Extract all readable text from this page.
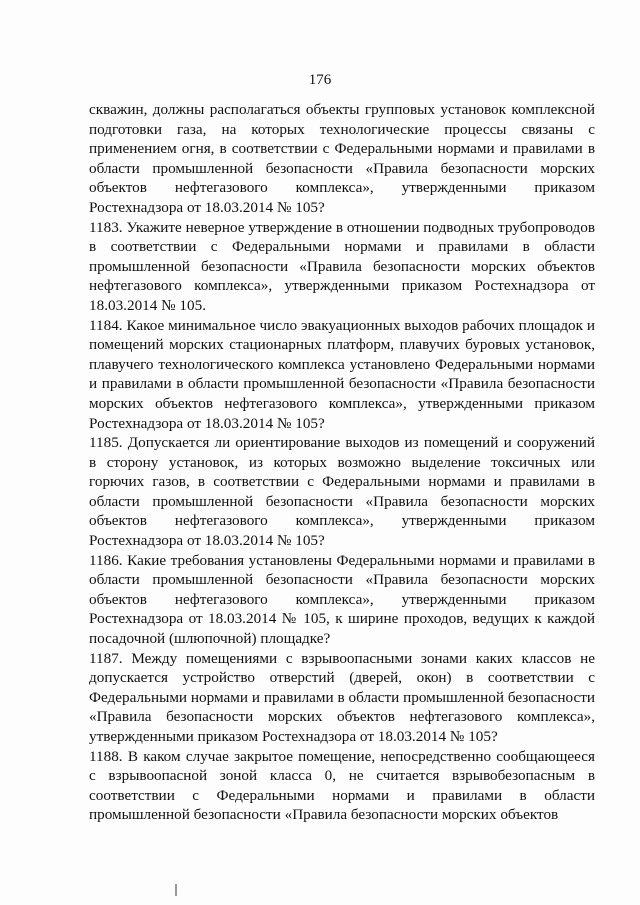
176

скважин, должны располагаться объекты групповых установок комплексной подготовки газа, на которых технологические процессы связаны с применением огня, в соответствии с Федеральными нормами и правилами в области промышленной безопасности «Правила безопасности морских объектов нефтегазового комплекса», утвержденными приказом Ростехнадзора от 18.03.2014 № 105?

1183. Укажите неверное утверждение в отношении подводных трубопроводов в соответствии с Федеральными нормами и правилами в области промышленной безопасности «Правила безопасности морских объектов нефтегазового комплекса», утвержденными приказом Ростехнадзора от 18.03.2014 № 105.

1184. Какое минимальное число эвакуационных выходов рабочих площадок и помещений морских стационарных платформ, плавучих буровых установок, плавучего технологического комплекса установлено Федеральными нормами и правилами в области промышленной безопасности «Правила безопасности морских объектов нефтегазового комплекса», утвержденными приказом Ростехнадзора от 18.03.2014 № 105?

1185. Допускается ли ориентирование выходов из помещений и сооружений в сторону установок, из которых возможно выделение токсичных или горючих газов, в соответствии с Федеральными нормами и правилами в области промышленной безопасности «Правила безопасности морских объектов нефтегазового комплекса», утвержденными приказом Ростехнадзора от 18.03.2014 № 105?

1186. Какие требования установлены Федеральными нормами и правилами в области промышленной безопасности «Правила безопасности морских объектов нефтегазового комплекса», утвержденными приказом Ростехнадзора от 18.03.2014 № 105, к ширине проходов, ведущих к каждой посадочной (шлюпочной) площадке?

1187. Между помещениями с взрывоопасными зонами каких классов не допускается устройство отверстий (дверей, окон) в соответствии с Федеральными нормами и правилами в области промышленной безопасности «Правила безопасности морских объектов нефтегазового комплекса», утвержденными приказом Ростехнадзора от 18.03.2014 № 105?

1188. В каком случае закрытое помещение, непосредственно сообщающееся с взрывоопасной зоной класса 0, не считается взрывобезопасным в соответствии с Федеральными нормами и правилами в области промышленной безопасности «Правила безопасности морских объектов
